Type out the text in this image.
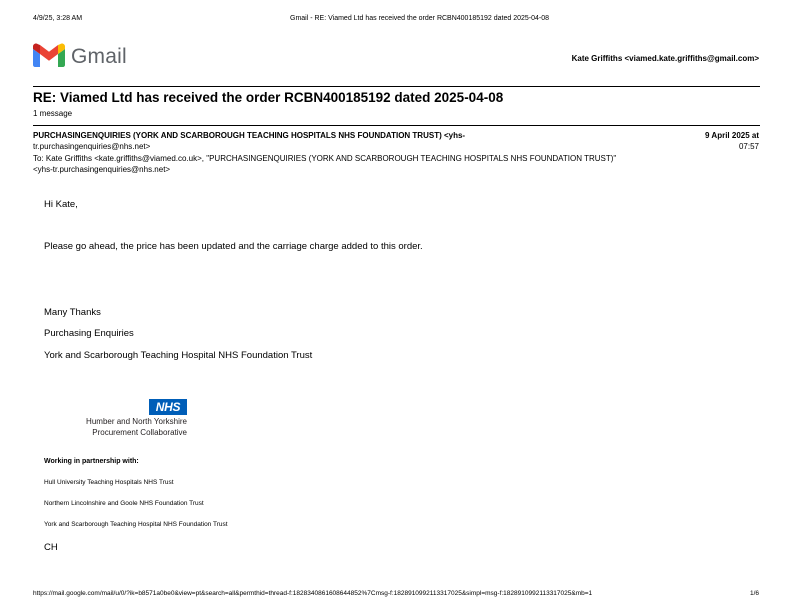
4/9/25, 3:28 AM	Gmail - RE: Viamed Ltd has received the order RCBN400185192 dated 2025-04-08
Gmail	Kate Griffiths <viamed.kate.griffiths@gmail.com>
RE: Viamed Ltd has received the order RCBN400185192 dated 2025-04-08
1 message
PURCHASINGENQUIRIES (YORK AND SCARBOROUGH TEACHING HOSPITALS NHS FOUNDATION TRUST) <yhs-
tr.purchasingenquiries@nhs.net>
9 April 2025 at
07:57
To: Kate Griffiths <kate.griffiths@viamed.co.uk>, "PURCHASINGENQUIRIES (YORK AND SCARBOROUGH TEACHING HOSPITALS NHS FOUNDATION TRUST)"
<yhs-tr.purchasingenquiries@nhs.net>
Hi Kate,
Please go ahead, the price has been updated and the carriage charge added to this order.
Many Thanks
Purchasing Enquiries
York and Scarborough Teaching Hospital NHS Foundation Trust
NHS
Humber and North Yorkshire
Procurement Collaborative
Working in partnership with:
Hull University Teaching Hospitals NHS Trust
Northern Lincolnshire and Goole NHS Foundation Trust
York and Scarborough Teaching Hospital NHS Foundation Trust
CH
https://mail.google.com/mail/u/0/?ik=b8571a0be0&view=pt&search=all&permthid=thread-f:1828340861608644852%7Cmsg-f:1828910992113317025&simpl=msg-f:1828910992113317025&mb=1	1/6
